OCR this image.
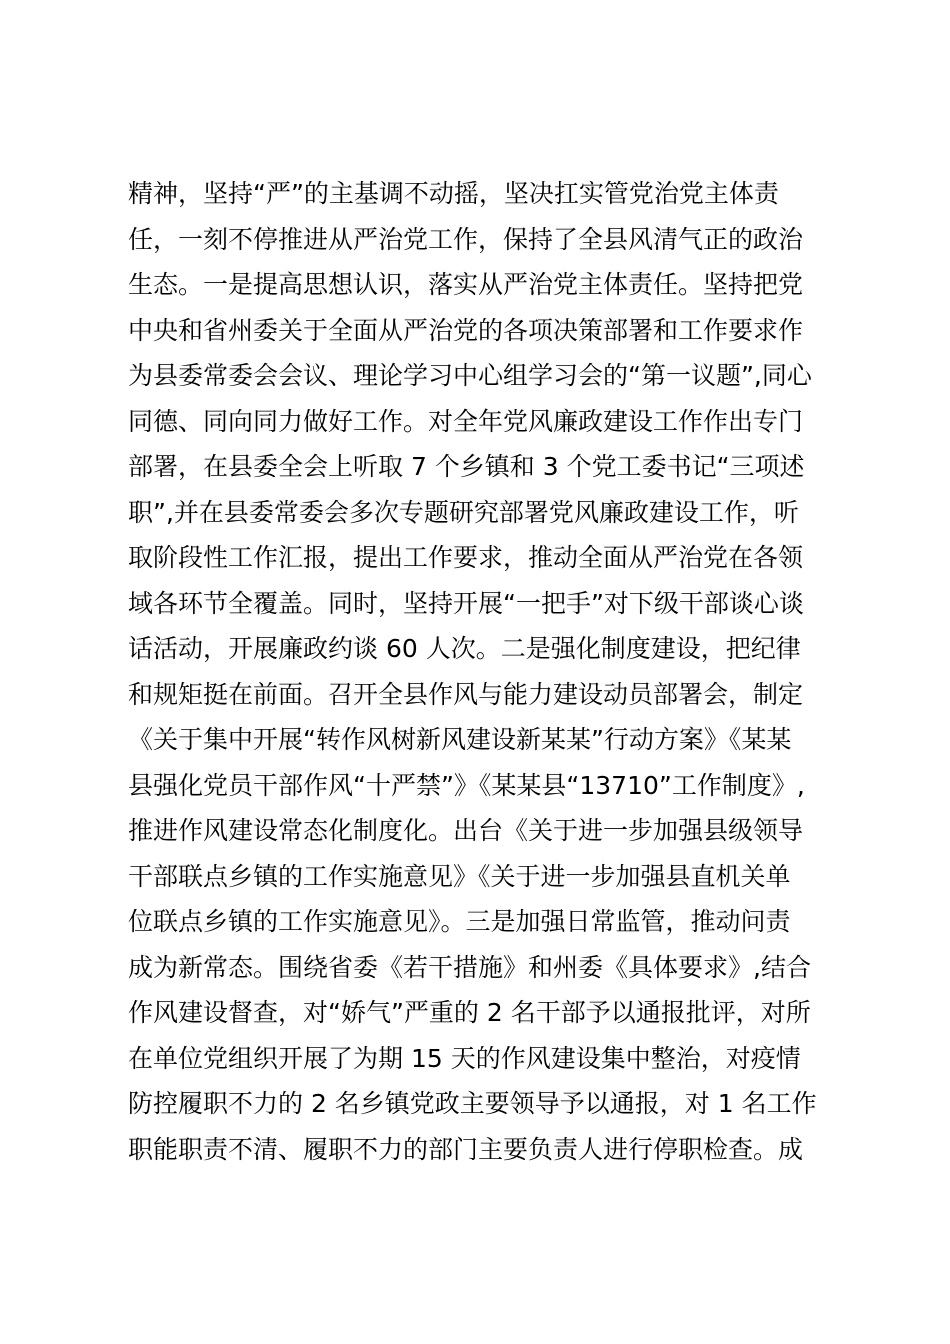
精神，坚持“严”的主基调不动摇，坚决扛实管党治党主体责
任，一刻不停推进从严治党工作，保持了全县风清气正的政治
生态。一是提高思想认识，落实从严治党主体责任。坚持把党
中央和省州委关于全面从严治党的各项决策部署和工作要求作
为县委常委会会议、理论学习中心组学习会的“第一议题”,同心
同德、同向同力做好工作。对全年党风廉政建设工作作出专门
部署，在县委全会上听取 7 个乡镇和 3 个党工委书记“三项述
职”,并在县委常委会多次专题研究部署党风廉政建设工作，听
取阶段性工作汇报，提出工作要求，推动全面从严治党在各领
域各环节全覆盖。同时，坚持开展“一把手”对下级干部谈心谈
话活动，开展廉政约谈 60 人次。二是强化制度建设，把纪律
和规矩挺在前面。召开全县作风与能力建设动员部署会，制定
《关于集中开展“转作风树新风建设新某某”行动方案》《某某
县强化党员干部作风“十严禁”》《某某县“13710”工作制度》,
推进作风建设常态化制度化。出台《关于进一步加强县级领导
干部联点乡镇的工作实施意见》《关于进一步加强县直机关单
位联点乡镇的工作实施意见》。三是加强日常监管，推动问责
成为新常态。围绕省委《若干措施》和州委《具体要求》,结合
作风建设督查，对“娇气”严重的 2 名干部予以通报批评，对所
在单位党组织开展了为期 15 天的作风建设集中整治，对疫情
防控履职不力的 2 名乡镇党政主要领导予以通报，对 1 名工作
职能职责不清、履职不力的部门主要负责人进行停职检查。成
